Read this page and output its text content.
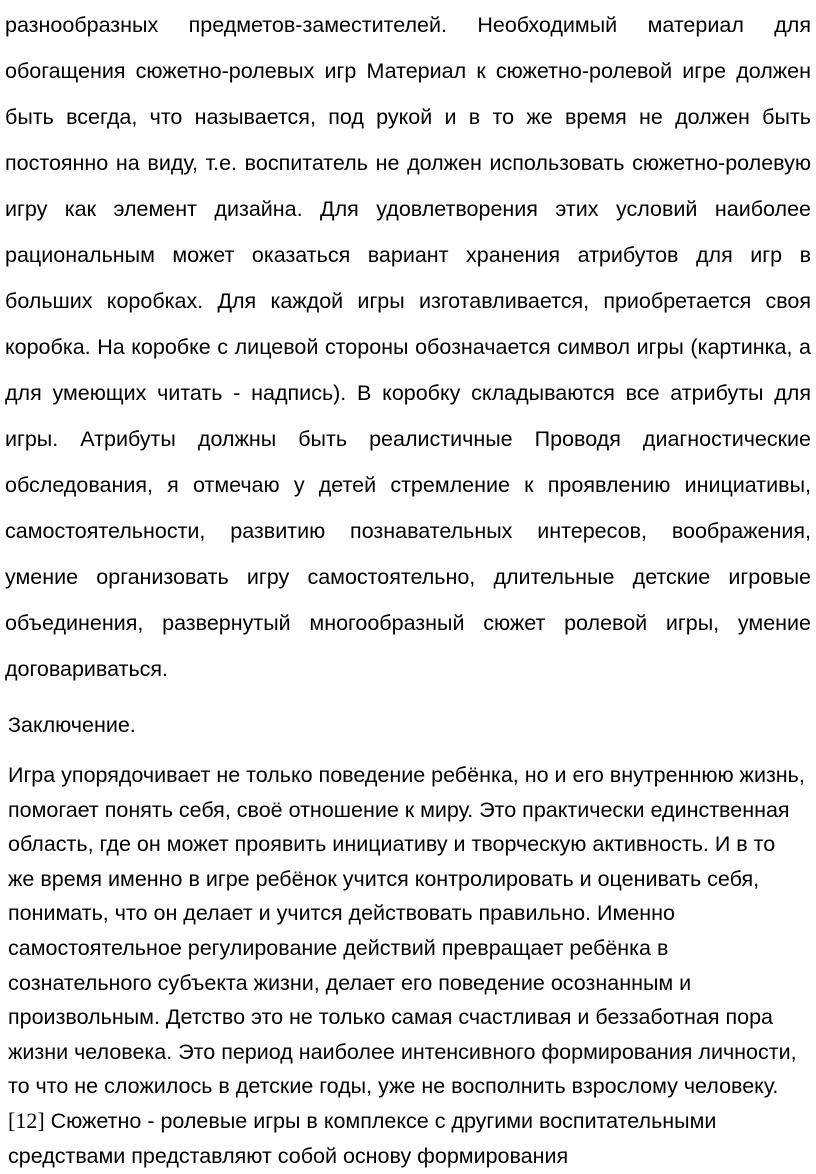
разнообразных предметов-заместителей. Необходимый материал для обогащения сюжетно-ролевых игр Материал к сюжетно-ролевой игре должен быть всегда, что называется, под рукой и в то же время не должен быть постоянно на виду, т.е. воспитатель не должен использовать сюжетно-ролевую игру как элемент дизайна. Для удовлетворения этих условий наиболее рациональным может оказаться вариант хранения атрибутов для игр в больших коробках. Для каждой игры изготавливается, приобретается своя коробка. На коробке с лицевой стороны обозначается символ игры (картинка, а для умеющих читать - надпись). В коробку складываются все атрибуты для игры. Атрибуты должны быть реалистичные Проводя диагностические обследования, я отмечаю у детей стремление к проявлению инициативы, самостоятельности, развитию познавательных интересов, воображения, умение организовать игру самостоятельно, длительные детские игровые объединения, развернутый многообразный сюжет ролевой игры, умение договариваться.

Заключение.

Игра упорядочивает не только поведение ребёнка, но и его внутреннюю жизнь, помогает понять себя, своё отношение к миру. Это практически единственная область, где он может проявить инициативу и творческую активность. И в то же время именно в игре ребёнок учится контролировать и оценивать себя, понимать, что он делает и учится действовать правильно. Именно самостоятельное регулирование действий превращает ребёнка в сознательного субъекта жизни, делает его поведение осознанным и произвольным. Детство это не только самая счастливая и беззаботная пора жизни человека. Это период наиболее интенсивного формирования личности, то что не сложилось в детские годы, уже не восполнить взрослому человеку.[12] Сюжетно - ролевые игры в комплексе с другими воспитательными средствами представляют собой основу формирования
